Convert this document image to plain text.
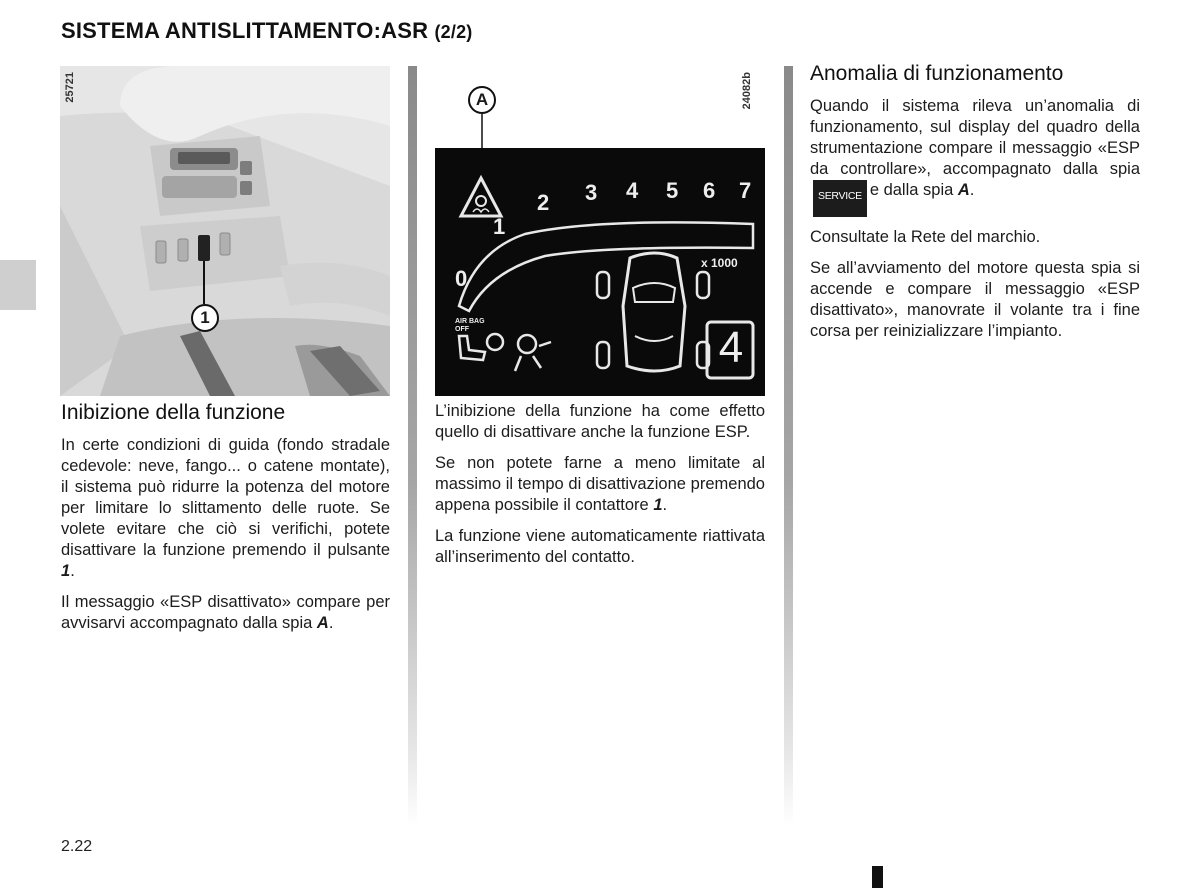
SISTEMA ANTISLITTAMENTO:ASR (2/2)
25721
1
24082b
A
0
1
2 3 4 5 6 7
x 1000
AIR BAG OFF	4
Inibizione della funzione
In certe condizioni di guida (fondo stradale cedevole: neve, fango... o catene montate), il sistema può ridurre la potenza del motore per limitare lo slittamento delle ruote. Se volete evitare che ciò si verifichi, potete disattivare la funzione premendo il pulsante 1.
Il messaggio «ESP disattivato» compare per avvisarvi accompagnato dalla spia A.
L’inibizione della funzione ha come effetto quello di disattivare anche la funzione ESP.
Se non potete farne a meno limitate al massimo il tempo di disattivazione premendo appena possibile il contattore 1.
La funzione viene automaticamente riattivata all’inserimento del contatto.
Anomalia di funzionamento
Quando il sistema rileva un’anomalia di funzionamento, sul display del quadro della strumentazione compare il messaggio «ESP da controllare», accompagnato dalla spiaSERVICE e dalla spia A.
Consultate la Rete del marchio.
Se all’avviamento del motore questa spia si accende e compare il messaggio «ESP disattivato», manovrate il volante tra i fine corsa per reinizializzare l’impianto.
2.22
